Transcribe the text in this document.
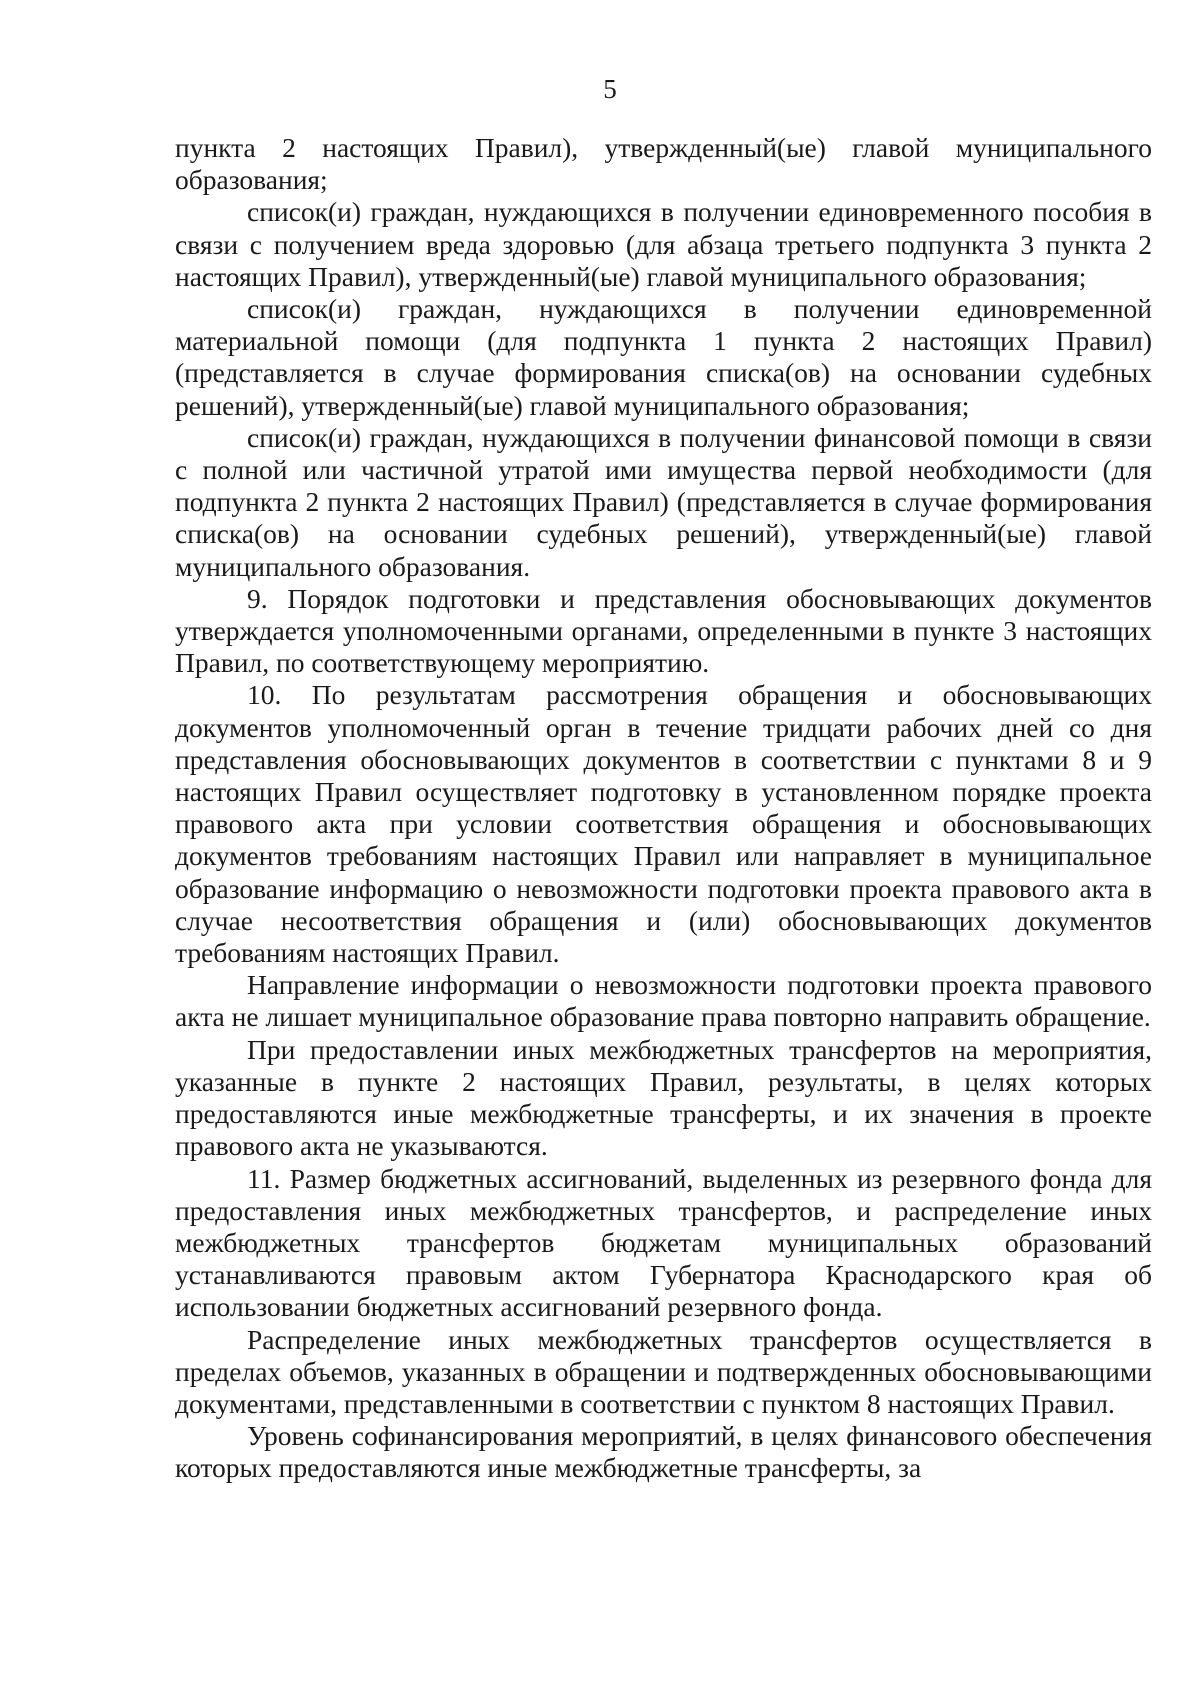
5

пункта 2 настоящих Правил), утвержденный(ые) главой муниципального образования;

список(и) граждан, нуждающихся в получении единовременного пособия в связи с получением вреда здоровью (для абзаца третьего подпункта 3 пункта 2 настоящих Правил), утвержденный(ые) главой муниципального образования;

список(и) граждан, нуждающихся в получении единовременной материальной помощи (для подпункта 1 пункта 2 настоящих Правил) (представляется в случае формирования списка(ов) на основании судебных решений), утвержденный(ые) главой муниципального образования;

список(и) граждан, нуждающихся в получении финансовой помощи в связи с полной или частичной утратой ими имущества первой необходимости (для подпункта 2 пункта 2 настоящих Правил) (представляется в случае формирования списка(ов) на основании судебных решений), утвержденный(ые) главой муниципального образования.

9. Порядок подготовки и представления обосновывающих документов утверждается уполномоченными органами, определенными в пункте 3 настоящих Правил, по соответствующему мероприятию.

10. По результатам рассмотрения обращения и обосновывающих документов уполномоченный орган в течение тридцати рабочих дней со дня представления обосновывающих документов в соответствии с пунктами 8 и 9 настоящих Правил осуществляет подготовку в установленном порядке проекта правового акта при условии соответствия обращения и обосновывающих документов требованиям настоящих Правил или направляет в муниципальное образование информацию о невозможности подготовки проекта правового акта в случае несоответствия обращения и (или) обосновывающих документов требованиям настоящих Правил.

Направление информации о невозможности подготовки проекта правового акта не лишает муниципальное образование права повторно направить обращение.

При предоставлении иных межбюджетных трансфертов на мероприятия, указанные в пункте 2 настоящих Правил, результаты, в целях которых предоставляются иные межбюджетные трансферты, и их значения в проекте правового акта не указываются.

11. Размер бюджетных ассигнований, выделенных из резервного фонда для предоставления иных межбюджетных трансфертов, и распределение иных межбюджетных трансфертов бюджетам муниципальных образований устанавливаются правовым актом Губернатора Краснодарского края об использовании бюджетных ассигнований резервного фонда.

Распределение иных межбюджетных трансфертов осуществляется в пределах объемов, указанных в обращении и подтвержденных обосновывающими документами, представленными в соответствии с пунктом 8 настоящих Правил.

Уровень софинансирования мероприятий, в целях финансового обеспечения которых предоставляются иные межбюджетные трансферты, за
